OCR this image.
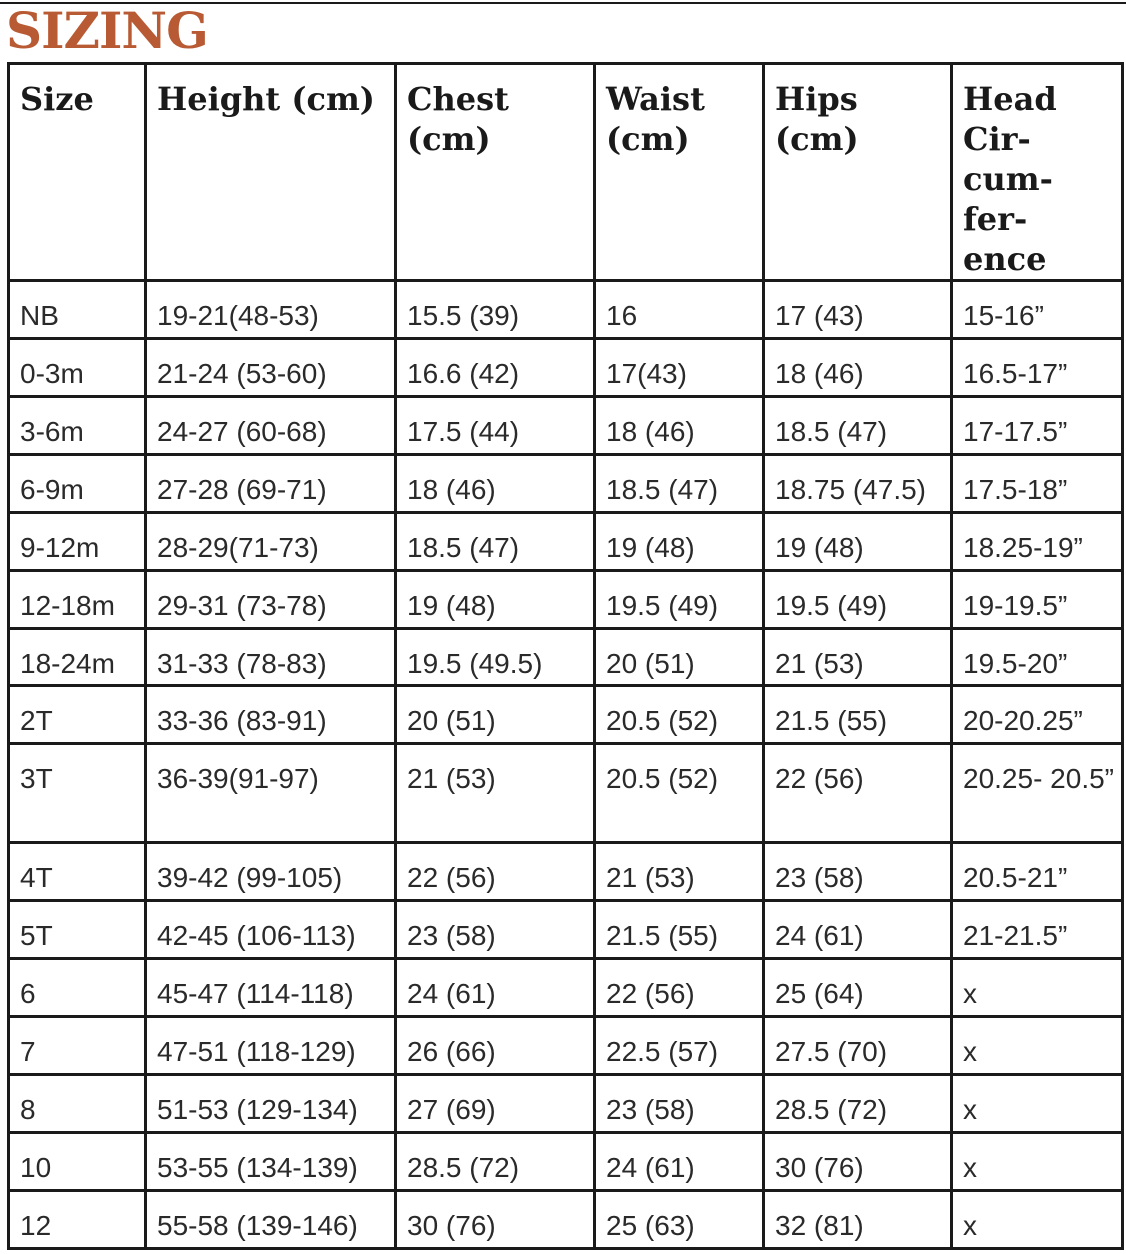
SIZING
Size	Height (cm)	Chest (cm)	Waist (cm)	Hips (cm)	Head Cir- cum- fer- ence
NB	19-21(48-53)	15.5 (39)	16	17 (43)	15-16”
0-3m	21-24 (53-60)	16.6 (42)	17(43)	18 (46)	16.5-17”
3-6m	24-27 (60-68)	17.5 (44)	18 (46)	18.5 (47)	17-17.5”
6-9m	27-28 (69-71)	18 (46)	18.5 (47)	18.75 (47.5)	17.5-18”
9-12m	28-29(71-73)	18.5 (47)	19 (48)	19 (48)	18.25-19”
12-18m	29-31 (73-78)	19 (48)	19.5 (49)	19.5 (49)	19-19.5”
18-24m	31-33 (78-83)	19.5 (49.5)	20 (51)	21 (53)	19.5-20”
2T	33-36 (83-91)	20 (51)	20.5 (52)	21.5 (55)	20-20.25”
3T	36-39(91-97)	21 (53)	20.5 (52)	22 (56)	20.25- 20.5”
4T	39-42 (99-105)	22 (56)	21 (53)	23 (58)	20.5-21”
5T	42-45 (106-113)	23 (58)	21.5 (55)	24 (61)	21-21.5”
6	45-47 (114-118)	24 (61)	22 (56)	25 (64)	x
7	47-51 (118-129)	26 (66)	22.5 (57)	27.5 (70)	x
8	51-53 (129-134)	27 (69)	23 (58)	28.5 (72)	x
10	53-55 (134-139)	28.5 (72)	24 (61)	30 (76)	x
12	55-58 (139-146)	30 (76)	25 (63)	32 (81)	x
